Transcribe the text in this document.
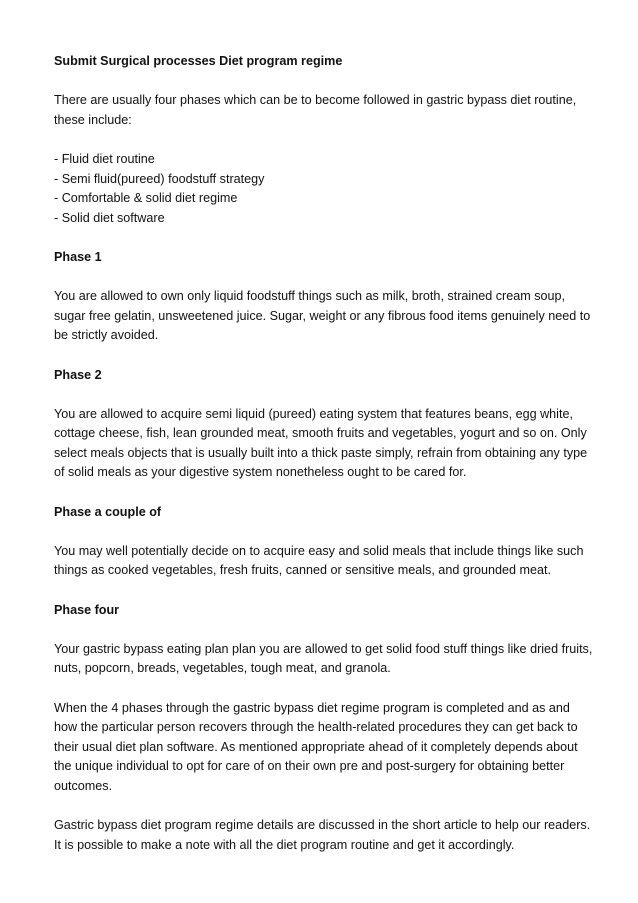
Submit Surgical processes Diet program regime

There are usually four phases which can be to become followed in gastric bypass diet routine, these include:

- Fluid diet routine
- Semi fluid(pureed) foodstuff strategy
- Comfortable & solid diet regime
- Solid diet software

Phase 1

You are allowed to own only liquid foodstuff things such as milk, broth, strained cream soup, sugar free gelatin, unsweetened juice. Sugar, weight or any fibrous food items genuinely need to be strictly avoided.

Phase 2

You are allowed to acquire semi liquid (pureed) eating system that features beans, egg white, cottage cheese, fish, lean grounded meat, smooth fruits and vegetables, yogurt and so on. Only select meals objects that is usually built into a thick paste simply, refrain from obtaining any type of solid meals as your digestive system nonetheless ought to be cared for.

Phase a couple of

You may well potentially decide on to acquire easy and solid meals that include things like such things as cooked vegetables, fresh fruits, canned or sensitive meals, and grounded meat.

Phase four

Your gastric bypass eating plan plan you are allowed to get solid food stuff things like dried fruits, nuts, popcorn, breads, vegetables, tough meat, and granola.

When the 4 phases through the gastric bypass diet regime program is completed and as and how the particular person recovers through the health-related procedures they can get back to their usual diet plan software. As mentioned appropriate ahead of it completely depends about the unique individual to opt for care of on their own pre and post-surgery for obtaining better outcomes.

Gastric bypass diet program regime details are discussed in the short article to help our readers. It is possible to make a note with all the diet program routine and get it accordingly.
